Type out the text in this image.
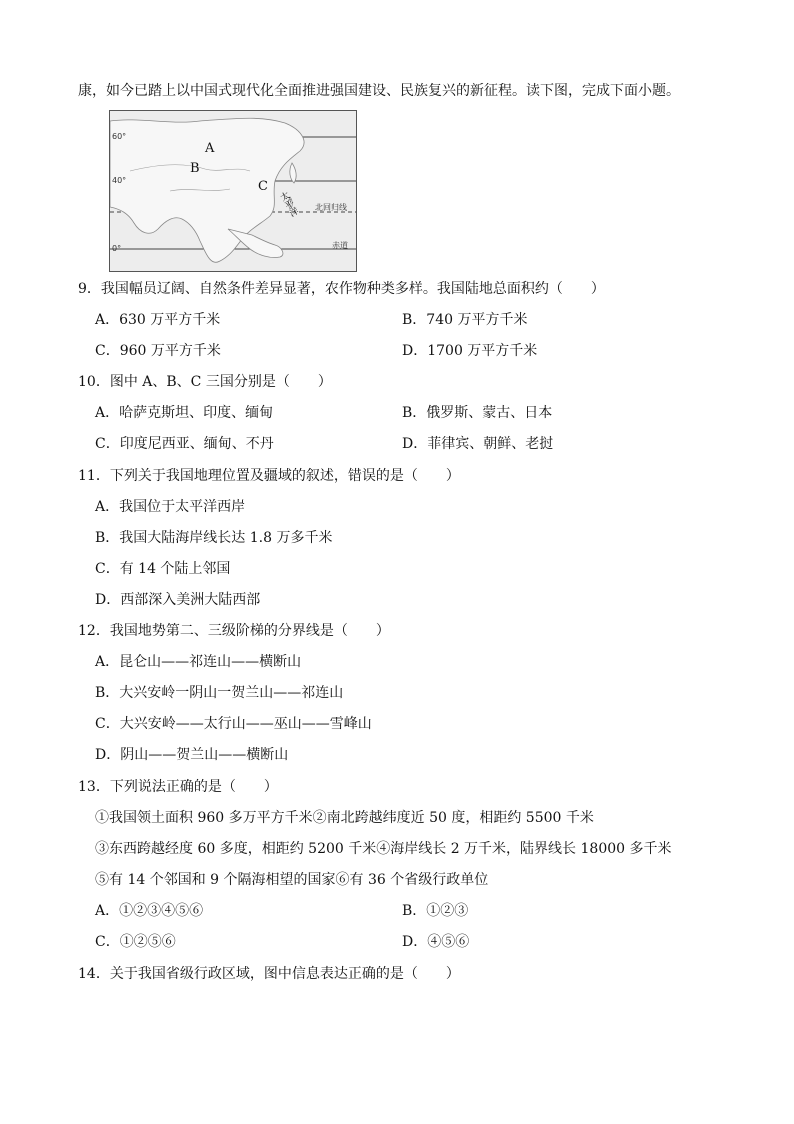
康，如今已踏上以中国式现代化全面推进强国建设、民族复兴的新征程。读下图，完成下面小题。
60°
40°
0°
A
B
C
太平洋 北回归线
赤道
9．我国幅员辽阔、自然条件差异显著，农作物种类多样。我国陆地总面积约（　　）
A．630 万平方千米	B．740 万平方千米
C．960 万平方千米	D．1700 万平方千米
10．图中 A、B、C 三国分别是（　　）
A．哈萨克斯坦、印度、缅甸	B．俄罗斯、蒙古、日本
C．印度尼西亚、缅甸、不丹	D．菲律宾、朝鲜、老挝
11．下列关于我国地理位置及疆域的叙述，错误的是（　　）
A．我国位于太平洋西岸
B．我国大陆海岸线长达 1.8 万多千米
C．有 14 个陆上邻国
D．西部深入美洲大陆西部
12．我国地势第二、三级阶梯的分界线是（　　）
A．昆仑山——祁连山——横断山
B．大兴安岭一阴山一贺兰山——祁连山
C．大兴安岭——太行山——巫山——雪峰山
D．阴山——贺兰山——横断山
13．下列说法正确的是（　　）
①我国领土面积 960 多万平方千米②南北跨越纬度近 50 度，相距约 5500 千米
③东西跨越经度 60 多度，相距约 5200 千米④海岸线长 2 万千米，陆界线长 18000 多千米
⑤有 14 个邻国和 9 个隔海相望的国家⑥有 36 个省级行政单位
A．①②③④⑤⑥	B．①②③
C．①②⑤⑥	D．④⑤⑥
14．关于我国省级行政区域，图中信息表达正确的是（　　）
